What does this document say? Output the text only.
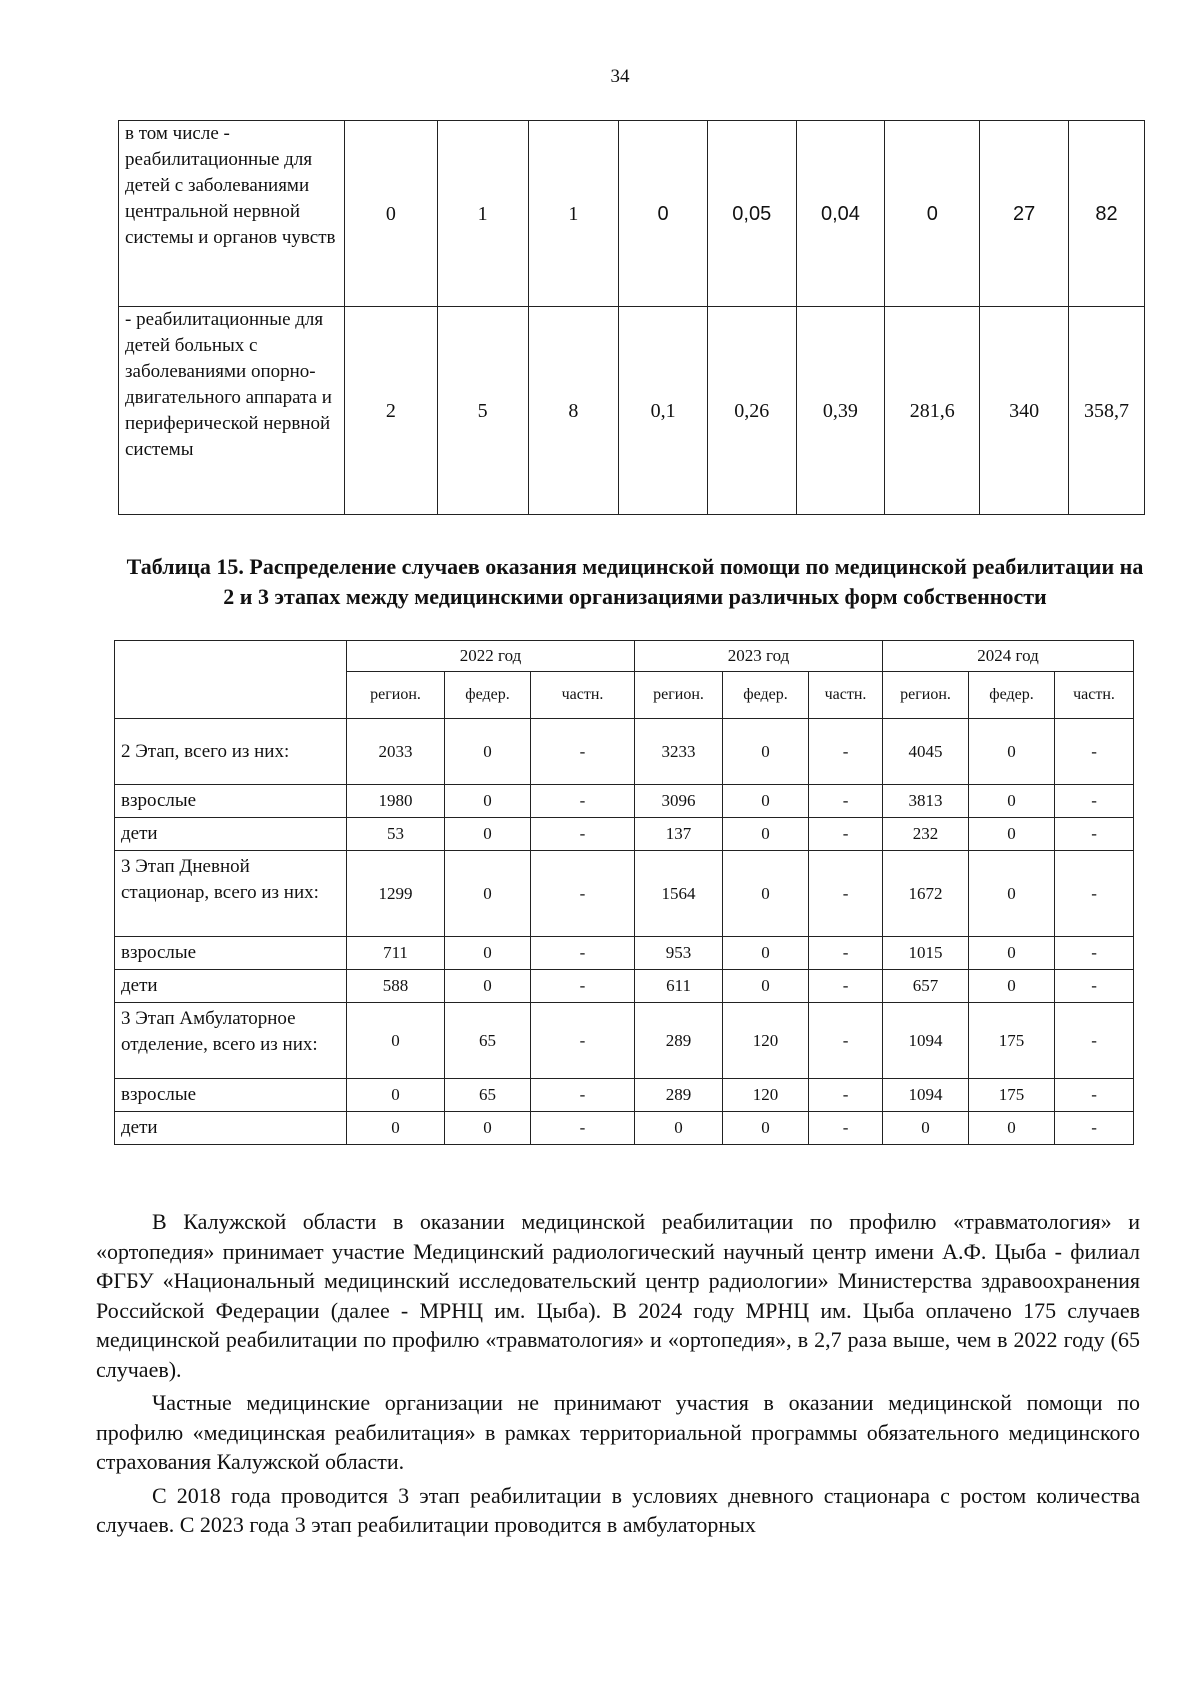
34
в том числе - реабилитационные для детей с заболеваниями центральной нервной системы и органов чувств	0	1	1	0	0,05	0,04	0	27	82
- реабилитационные для детей больных с заболеваниями опорно-двигательного аппарата и периферической нервной системы	2	5	8	0,1	0,26	0,39	281,6	340	358,7
Таблица 15. Распределение случаев оказания медицинской помощи по медицинской реабилитации на 2 и 3 этапах между медицинскими организациями различных форм собственности
	2022 год			2023 год			2024 год		
	регион.	федер.	частн.	регион.	федер.	частн.	регион.	федер.	частн.
2 Этап, всего из них:	2033	0	-	3233	0	-	4045	0	-
взрослые	1980	0	-	3096	0	-	3813	0	-
дети	53	0	-	137	0	-	232	0	-
3 Этап Дневной стационар, всего из них:	1299	0	-	1564	0	-	1672	0	-
взрослые	711	0	-	953	0	-	1015	0	-
дети	588	0	-	611	0	-	657	0	-
3 Этап Амбулаторное отделение, всего из них:	0	65	-	289	120	-	1094	175	-
взрослые	0	65	-	289	120	-	1094	175	-
дети	0	0	-	0	0	-	0	0	-

В Калужской области в оказании медицинской реабилитации по профилю «травматология» и «ортопедия» принимает участие Медицинский радиологический научный центр имени А.Ф. Цыба - филиал ФГБУ «Национальный медицинский исследовательский центр радиологии» Министерства здравоохранения Российской Федерации (далее - МРНЦ им. Цыба). В 2024 году МРНЦ им. Цыба оплачено 175 случаев медицинской реабилитации по профилю «травматология» и «ортопедия», в 2,7 раза выше, чем в 2022 году (65 случаев).

Частные медицинские организации не принимают участия в оказании медицинской помощи по профилю «медицинская реабилитация» в рамках территориальной программы обязательного медицинского страхования Калужской области.

С 2018 года проводится 3 этап реабилитации в условиях дневного стационара с ростом количества случаев. С 2023 года 3 этап реабилитации проводится в амбулаторных
